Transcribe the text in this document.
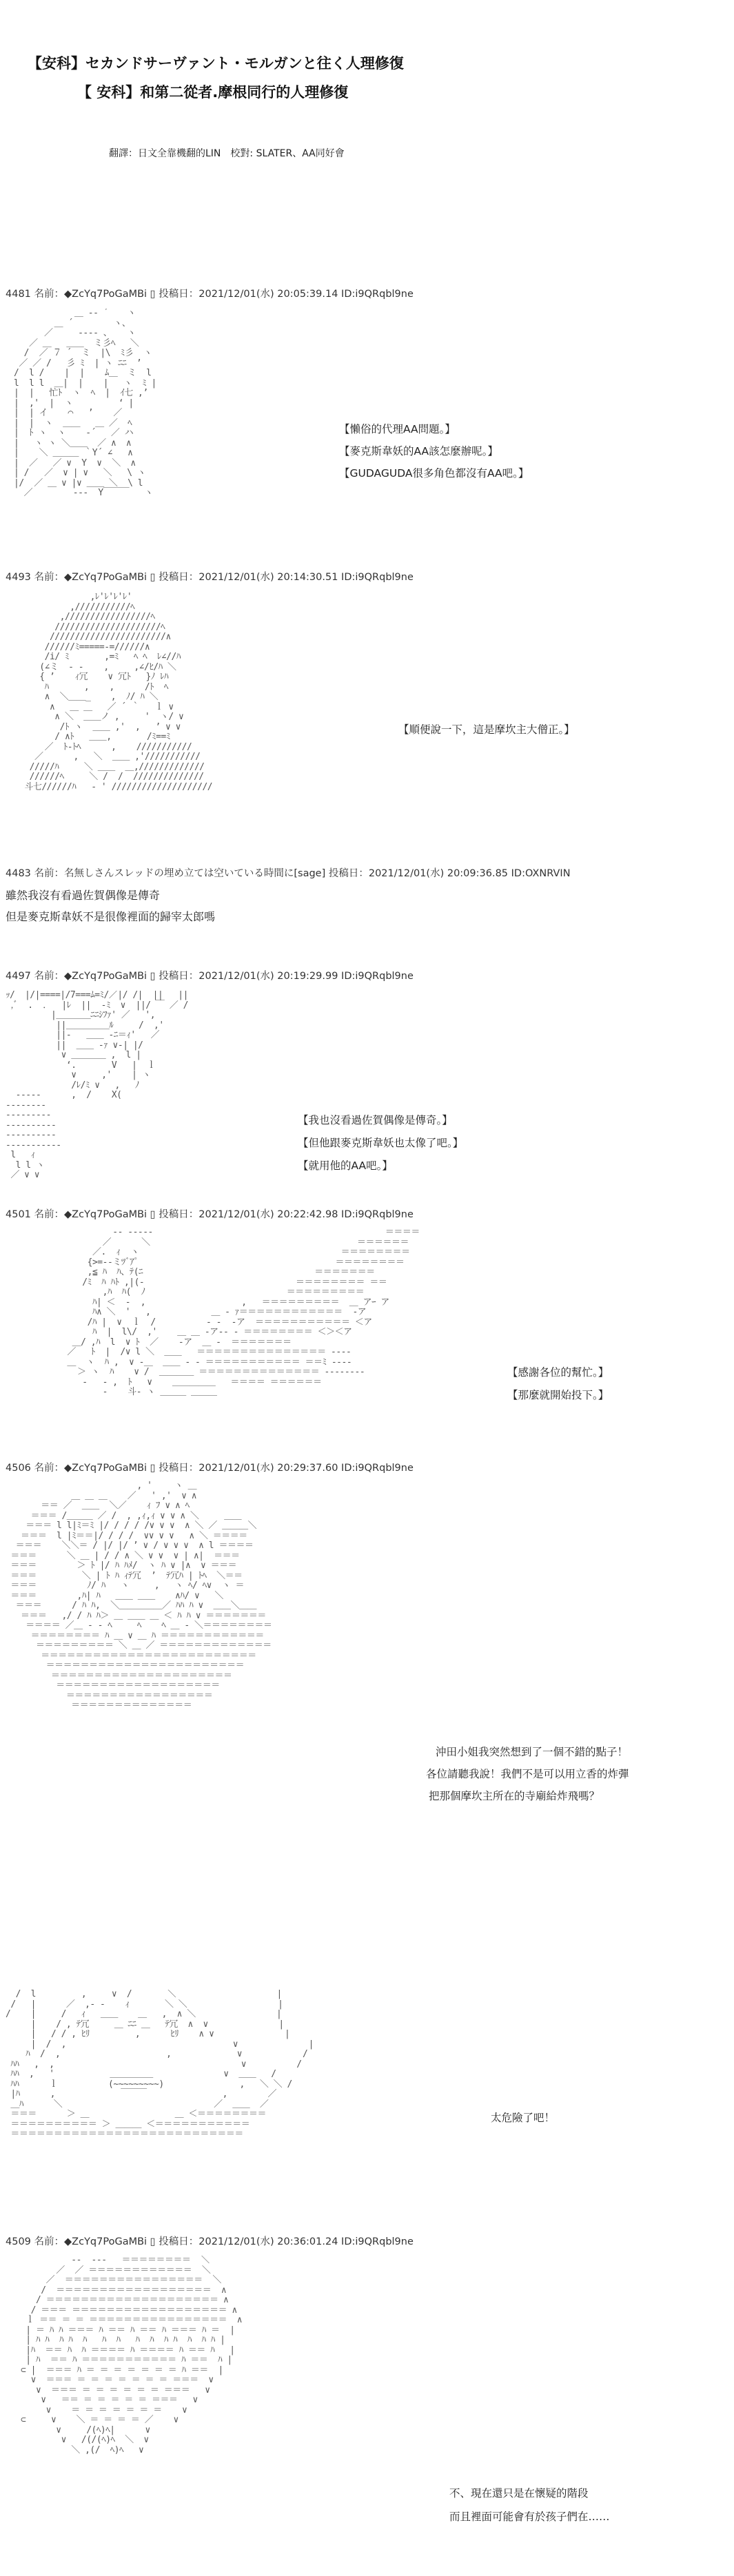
【安科】セカンドサーヴァント・モルガンと往く人理修復
【 安科】和第二從者.摩根同行的人理修復
翻譯：日文全靠機翻的LIN　校對: SLATER、AA同好會
4481 名前：◆ZcYq7PoGaMBi ▯ 投稿日：2021/12/01(水) 20:05:39.14 ID:i9QRqbl9ne
＿ -‐ ´ ￣ ヽ
＿ ´        ヽ、
／     -‐‐‐ 、   ヽ
／ ＿   ＿＿  ミ彡ﾍ   ＼
/  ／ ７ ´  ミ  |\  ﾐ彡  ヽ
／ ／ /   彡 ﾐ  | ヽ ﾆﾆ  ’
/  l /    |  |    ﾑ＿  ミ  l
l  l l  ＿|  |    |   ヽ  ﾐ |
|  |   忙ﾄ  ヽ  ﾍ  |  ｲ七 ,’
|  ,'  |  ヽ         ‘ |
|  | イ    ⌒   ’    ／
|  |  ヽ  ＿＿   ＿ ／  ﾍ
|  ﾄ ヽ  ヽ    ‐´   ／ ハ
|   ヽ ヽ ＼＿＿  ／ ∧  ∧
|    ＼ ＿＿＿ ｀Y´ ∠   ∧
|  ／   ／ ∨  Y  ∨  ＼  ∧
| /   ／  ∨ | ∨   ＼   \ ヽ
|/  ／ ＿ ∨ |∨ ＿＿ ＼  \ l
／        ‐‐‐  Y￣￣￣   ヽ

【懶俗的代理AA問題。】
【麥克斯韋妖的AA該怎麼辦呢。】
【GUDAGUDA很多角色都沒有AA吧。】
4493 名前：◆ZcYq7PoGaMBi ▯ 投稿日：2021/12/01(水) 20:14:30.51 ID:i9QRqbl9ne
,ﾚ'ﾚ'ﾚ'ﾚ'
,///////////ﾍ
,/////////////////ﾍ
/////////////////////ﾍ
///////////////////////∧
//////ﾐ=====-=//////∧
/i/ ﾐ       ,=ﾐ   ﾍ ﾍ  ﾚ∠//ﾊ
(∠ミ  ‐ ‐    ,     ,∠/ﾋ/ﾊ ＼
{ ’    ｨ冗    ∨ 冗ﾄ   }ﾉ ﾚﾊ
ﾊ       ,    ,      /ﾄ  ﾍ
∧  ＼＿＿_    ,  ﾉ/ ﾊ ＼
∧   ＿ ＿   ／ ´ ｀   ｌ ∨
∧ ＼  ＿＿ノ ,     '  ヽ/ ∨
/ﾄ ヽ  ＿＿ ,'  ,   ’ ∨ ∨
/ ∧ﾄ   ＿＿,       /ﾐ==ﾐ
／  ﾄ-ﾄﾍ      ,    ///////////
／      ,   ＼  ＿＿ ,'///////////
/////ﾊ     ＼ ＿＿  ＿,/////////////
//////ﾍ     ＼ /  /  //////////////
斗七//////ﾊ   ‐ ' ////////////////////

【順便說一下，這是摩坎主大僧正。】
4483 名前：名無しさんスレッドの埋め立ては空いている時間に[sage] 投稿日：2021/12/01(水) 20:09:36.85 ID:OXNRVIN
雖然我沒有看過佐賀偶像是傳奇
但是麥克斯韋妖不是很像裡面的歸宰太郎嗎
4497 名前：◆ZcYq7PoGaMBi ▯ 投稿日：2021/12/01(水) 20:19:29.99 ID:i9QRqbl9ne
ｯ/  |/|====|/7===ﾑ=ﾐ/／|/ /|  ||   ||
,ﾞ  .  ．  |ﾚ  ||  ‐ﾐ  ∨  ||/ ￣ ／ /
|＿＿＿＿ﾆﾆｼﾌｧ' ／   ',
||＿＿＿＿＿ﾙ     /  ,'
||-   ＿＿ ‐ﾆ＝ｨ'   ／
||  ＿＿ ‐ｧ ∨-| |/
∨ ＿＿＿＿ ,  l |
‘.       V   |  ｌ
∨     ,'    | ヽ
/ﾚ/ﾐ ∨   ,   ﾉ
‐‐‐‐‐      ,  /    X(
‐‐‐‐‐‐‐‐
‐‐‐‐‐‐‐‐‐
‐‐‐‐‐‐‐‐‐‐
‐‐‐‐‐‐‐‐‐‐
‐‐‐‐‐‐‐‐‐‐‐
l   ｨ
l l ヽ
／ ∨ ∨

【我也沒看過佐賀偶像是傳奇。】
【但他跟麥克斯韋妖也太像了吧。】
【就用他的AA吧。】
4501 名前：◆ZcYq7PoGaMBi ▯ 投稿日：2021/12/01(水) 20:22:42.98 ID:i9QRqbl9ne
‐‐ ‐‐‐‐‐                                              ＝＝＝＝
／      ＼                                         ＝＝＝＝＝＝
／.  ｨ  ヽ                                        ＝＝＝＝＝＝＝＝
{>=-‐ミﾂﾞｱﾟ                                       ＝＝＝＝＝＝＝＝
,≦ ﾊ  ﾊ、ﾃ(ﾆ                                  ＝＝＝＝＝＝＝
/ﾐ  ﾊ ﾊﾄ ,|(‐                              ＝＝＝＝＝＝＝＝ ＝＝
,ﾊ  ﾊ(  ﾉ                            ＝＝＝＝＝＝＝＝＝
ﾊ| ＜  ‐  ,                   ,   ＝＝＝＝＝＝＝＝＝  ＿ アｰ ア
ﾊ∧ ＼  '   ,            ＿ ‐ ｧ＝＝＝＝＝＝＝＝＝＝＝＝  ‐ア
/ﾊ |  ∨  ｌ  /          ‐ ‐  ‐ア  ＝＝＝＝＝＝＝＝＝＝＝ ＜ア
ﾊ  |  l\/  ,'    ＿ ＿ ‐ア‐‐ ‐ ＝＝＝＝＝＝＝＝ ＜＞＜ア
＿/ ,ﾊ  l  ∨ ﾄ  ／    ‐ア  ＿ ‐  ＝＝＝＝＝＝＝
／   ﾄ  |  /∨ l ＼  ＿＿   ＝＝＝＝＝＝＝＝＝＝＝＝＝＝＝ ‐‐‐‐
＿  ヽ  ﾊ ,  ∨ ‐＿  ＿＿ ‐ ‐ ＝＝＝＝＝＝＝＝＝＝＝ ＝＝ﾐ ‐‐‐‐
＞ ヽ  ﾊ    ∨ /  ＿＿＿＿ ＝＝＝＝＝＝＝＝＝＝＝＝＝＝ ‐‐‐‐‐‐‐‐
‐   ‐ ,  ﾄ   ∨    ＿＿＿＿＿   ＝＝＝＝ ＝＝＝＝＝＝
‐    斗‐ ヽ ＿＿＿ ＿＿＿

【感謝各位的幫忙。】
【那麼就開始投下。】
4506 名前：◆ZcYq7PoGaMBi ▯ 投稿日：2021/12/01(水) 20:29:37.60 ID:i9QRqbl9ne
, '￣￣ ヽ ＿
＿ ＿ ＿    ／   ' ,'  ∨ ∧
＝＝ ／  ＿＿  ＼／    ｨ ﾌ ∨ ∧ ﾍ
＝＝＝ /＿＿＿ ／ /  , ,ｨ,ｨ ∨ ∨ ∧ ＼     ＿＿
＝＝＝ l l|ﾐ＝ﾐ |/ / / / /∨ ∨ ∨  ∧ ＼ ／ ＿＿＿＼
＝＝＝  l |ﾐ＝＝|/ / / /  ∨∨ ∨ ∨   ∧ ＼ ＝＝＝＝
＝＝＝    ＼＼＝ / |/ |/ ’ ∨ / ∨ ∨ ∨  ∧ l ＝＝＝＝
＝＝＝      ＼ ＿ | / / ∧ ＼ ∨ ∨  ∨ | ∧|  ＝＝＝
＝＝＝        ＞ ﾄ |/ ﾊ ﾊﾒ/  ヽ ﾊ ∨ |∧  ∨ ＝＝＝
＝＝＝         ＼ | ﾄ ﾊ ｨﾃ冗  ’  ﾃ冗ﾊ | ﾄﾍ  ＼＝＝
＝＝＝          ﾉ/ ﾊ   ヽ     ,   ヽ ﾍ/ ﾍ∨  ヽ ＝
＝＝＝        ,ﾊ| ﾊ   ＿＿ ＿＿    ∧ﾊ/ ∨   ＼
＝＝＝      / ﾊ ﾊ,  ＼＿＿＿＿＿／ ﾊﾊ ﾊ ∨  ＿＿＼＿＿
＝＝＝   ,/ / ﾊ ﾊ＞ ＿ ＿＿ ＿ ＜ ﾊ ﾊ ∨ ＝＝＝＝＝＝＝
＝＝＝＝ ／＿ ‐ ‐ ﾍ     ﾍ    ﾍ ＿ ‐ ＼＝＝＝＝＝＝＝＝
＝＝＝＝＝＝＝＝ ﾊ ＿ ∨ ＿ ﾊ ＝＝＝＝＝＝＝＝＝＝＝＝
＝＝＝＝＝＝＝＝＝ ＼ ＿ ／ ＝＝＝＝＝＝＝＝＝＝＝＝＝
＝＝＝＝＝＝＝＝＝＝＝＝＝＝＝＝＝＝＝＝＝＝＝＝＝
＝＝＝＝＝＝＝＝＝＝＝＝＝＝＝＝＝＝＝＝＝＝＝
＝＝＝＝＝＝＝＝＝＝＝＝＝＝＝＝＝＝＝＝＝
＝＝＝＝＝＝＝＝＝＝＝＝＝＝＝＝＝＝＝
＝＝＝＝＝＝＝＝＝＝＝＝＝＝＝＝＝
＝＝＝＝＝＝＝＝＝＝＝＝＝＝

沖田小姐我突然想到了一個不錯的點子！
各位請聽我說！我們不是可以用立香的炸彈
把那個摩坎主所在的寺廟給炸飛嗎？
/  l         ,     ∨  /       ＼                    |
/   |      ／  ,‐ ‐    ｨ       ＼ ＼                  |
/    |     /   ｨ   ＿＿    ＿   ,  ∧ ＼                |
|    / , ﾃ冗     ＿ ﾆﾆ ＿   ﾃ冗  ∧  ∨              |
|   / / , ﾋﾘ         ,      ﾋﾘ    ∧ ∨              |
|  /  ,                                 ∨              |
ﾊ  /  ,                     ,             ∨            /
ﾊﾊ   ,  ,                                     ∨          /
ﾊﾊ  ,   '           ＿＿＿＿＿              ∨  ＿＿   /
ﾊﾊ      ｌ          (~~~~~~~~~)               ,   ＼ ＼ /
|ﾊ      ,             ￣￣￣               ,        ／
＿ﾊ      ＼                              ／  ＿＿  ／
＝＝＝      ＞ ＿                 ＿ ＜＝＝＝＝＝＝＝＝
＝＝＝＝＝＝＝＝＝＝ ＞ ＿＿＿ ＜＝＝＝＝＝＝＝＝＝＝＝
＝＝＝＝＝＝＝＝＝＝＝＝＝＝＝＝＝＝＝＝＝＝＝＝＝＝＝

太危險了吧！
4509 名前：◆ZcYq7PoGaMBi ▯ 投稿日：2021/12/01(水) 20:36:01.24 ID:i9QRqbl9ne
‐‐  ‐‐‐   ＝＝＝＝＝＝＝＝  ＼
／  ／ ＝＝＝＝＝＝＝＝＝＝＝＝  ＼
／  ＝＝＝＝＝＝＝＝＝＝＝＝＝＝＝＝  ＼
/  ＝＝＝＝＝＝＝＝＝＝＝＝＝＝＝＝＝＝  ∧
/ ＝＝＝＝＝＝＝＝＝＝＝＝＝＝＝＝＝＝＝＝ ∧
/ ＝＝＝ ＝＝＝＝＝＝＝＝＝＝＝＝＝＝＝＝＝＝ ∧
ｌ ＝＝ ＝ ＝ ＝＝＝＝＝＝＝＝＝＝＝＝＝＝＝＝  ∧
| ＝ ﾊ ﾊ ＝＝＝ ﾊ ＝＝ ﾊ ＝＝ ﾊ ＝＝＝ ﾊ ＝  |
| ﾊ ﾊ  ﾊ ﾊ  ﾊ   ﾊ  ﾊ   ﾊ  ﾊ  ﾊ ﾊ  ﾊ  ﾊ ﾊ |
|ﾊ  ＝＝ ﾊ  ﾊ ＝＝＝＝ ﾊ ＝＝＝＝ ﾊ ＝＝ ﾊ   |
| ﾊ  ＝＝ ﾊ ＝＝＝＝＝＝＝＝＝＝＝ ﾊ ＝＝  ﾊ |
⊂ |  ＝＝＝ ﾊ ＝ ＝ ＝ ＝ ＝ ＝ ＝ ﾊ ＝＝  |
∨  ＝＝＝ ＝ ＝ ＝ ＝ ＝ ＝ ＝ ＝＝＝  ∨
∨  ＝＝＝ ＝ ＝ ＝ ＝ ＝ ＝ ＝＝＝   ∨
∨   ＝＝ ＝ ＝ ＝ ＝ ＝ ＝＝＝   ∨
∨    ＝ ＝ ＝ ＝ ＝ ＝ ＝    ∨
⊂     ∨    ＼ ＝ ＝ ＝ ＝ ／    ∨
∨     /(ﾍ)ﾍ|      ∨
∨   /(/(ﾍ)ﾍ  ＼  ∨
＼ ,(/  ﾍ)ﾍ   ∨

不、現在還只是在懷疑的階段
而且裡面可能會有於孩子們在……
